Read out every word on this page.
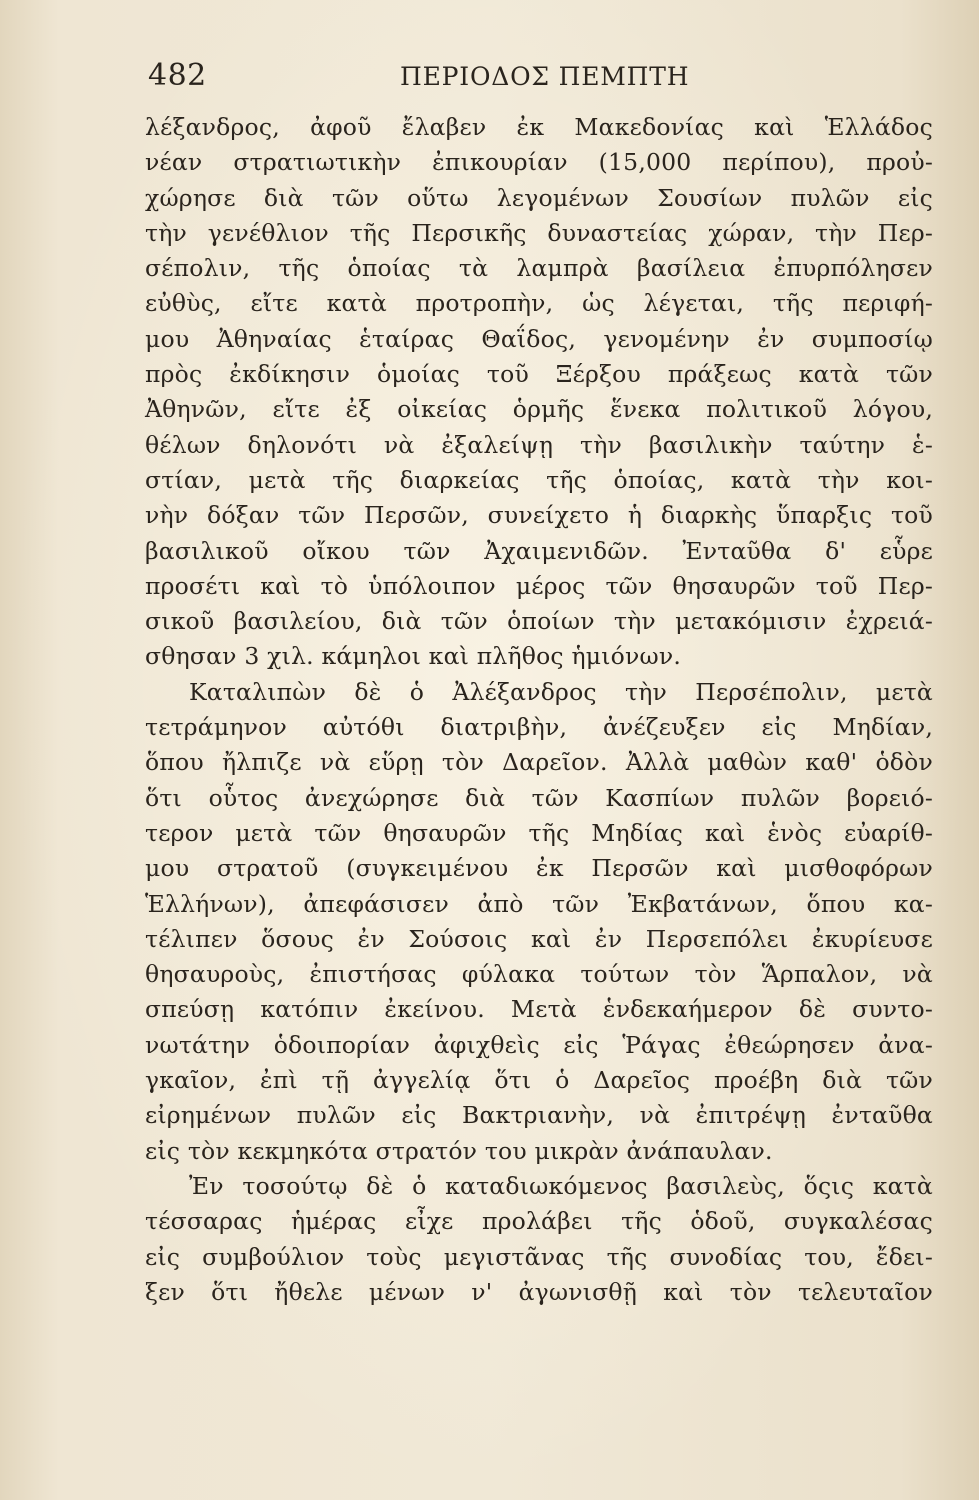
482	ΠΕΡΙΟΔΟΣ ΠΕΜΠΤΗ
λέξανδρος, ἀφοῦ ἔλαβεν ἐκ Μακεδονίας καὶ Ἑλλάδος
νέαν στρατιωτικὴν ἐπικουρίαν (15,000 περίπου), προὐ-
χώρησε διὰ τῶν οὕτω λεγομένων Σουσίων πυλῶν εἰς
τὴν γενέθλιον τῆς Περσικῆς δυναστείας χώραν, τὴν Περ-
σέπολιν, τῆς ὁποίας τὰ λαμπρὰ βασίλεια ἐπυρπόλησεν
εὐθὺς, εἴτε κατὰ προτροπὴν, ὡς λέγεται, τῆς περιφή-
μου Ἀθηναίας ἑταίρας Θαΐδος, γενομένην ἐν συμποσίῳ
πρὸς ἐκδίκησιν ὁμοίας τοῦ Ξέρξου πράξεως κατὰ τῶν
Ἀθηνῶν, εἴτε ἐξ οἰκείας ὁρμῆς ἕνεκα πολιτικοῦ λόγου,
θέλων δηλονότι νὰ ἐξαλείψῃ τὴν βασιλικὴν ταύτην ἑ-
στίαν, μετὰ τῆς διαρκείας τῆς ὁποίας, κατὰ τὴν κοι-
νὴν δόξαν τῶν Περσῶν, συνείχετο ἡ διαρκὴς ὕπαρξις τοῦ
βασιλικοῦ οἴκου τῶν Ἀχαιμενιδῶν. Ἐνταῦθα δ' εὗρε
προσέτι καὶ τὸ ὑπόλοιπον μέρος τῶν θησαυρῶν τοῦ Περ-
σικοῦ βασιλείου, διὰ τῶν ὁποίων τὴν μετακόμισιν ἐχρειά-
σθησαν 3 χιλ. κάμηλοι καὶ πλῆθος ἡμιόνων.
Καταλιπὼν δὲ ὁ Ἀλέξανδρος τὴν Περσέπολιν, μετὰ
τετράμηνον αὐτόθι διατριβὴν, ἀνέζευξεν εἰς Μηδίαν,
ὅπου ἤλπιζε νὰ εὕρῃ τὸν Δαρεῖον. Ἀλλὰ μαθὼν καθ' ὁδὸν
ὅτι οὗτος ἀνεχώρησε διὰ τῶν Κασπίων πυλῶν βορειό-
τερον μετὰ τῶν θησαυρῶν τῆς Μηδίας καὶ ἑνὸς εὐαρίθ-
μου στρατοῦ (συγκειμένου ἐκ Περσῶν καὶ μισθοφόρων
Ἑλλήνων), ἀπεφάσισεν ἀπὸ τῶν Ἐκβατάνων, ὅπου κα-
τέλιπεν ὅσους ἐν Σούσοις καὶ ἐν Περσεπόλει ἐκυρίευσε
θησαυροὺς, ἐπιστήσας φύλακα τούτων τὸν Ἅρπαλον, νὰ
σπεύσῃ κατόπιν ἐκείνου. Μετὰ ἑνδεκαήμερον δὲ συντο-
νωτάτην ὁδοιπορίαν ἀφιχθεὶς εἰς Ῥάγας ἐθεώρησεν ἀνα-
γκαῖον, ἐπὶ τῇ ἀγγελίᾳ ὅτι ὁ Δαρεῖος προέβη διὰ τῶν
εἰρημένων πυλῶν εἰς Βακτριανὴν, νὰ ἐπιτρέψῃ ἐνταῦθα
εἰς τὸν κεκμηκότα στρατόν του μικρὰν ἀνάπαυλαν.
Ἐν τοσούτῳ δὲ ὁ καταδιωκόμενος βασιλεὺς, ὅςις κατὰ
τέσσαρας ἡμέρας εἶχε προλάβει τῆς ὁδοῦ, συγκαλέσας
εἰς συμβούλιον τοὺς μεγιστᾶνας τῆς συνοδίας του, ἔδει-
ξεν ὅτι ἤθελε μένων ν' ἀγωνισθῇ καὶ τὸν τελευταῖον
